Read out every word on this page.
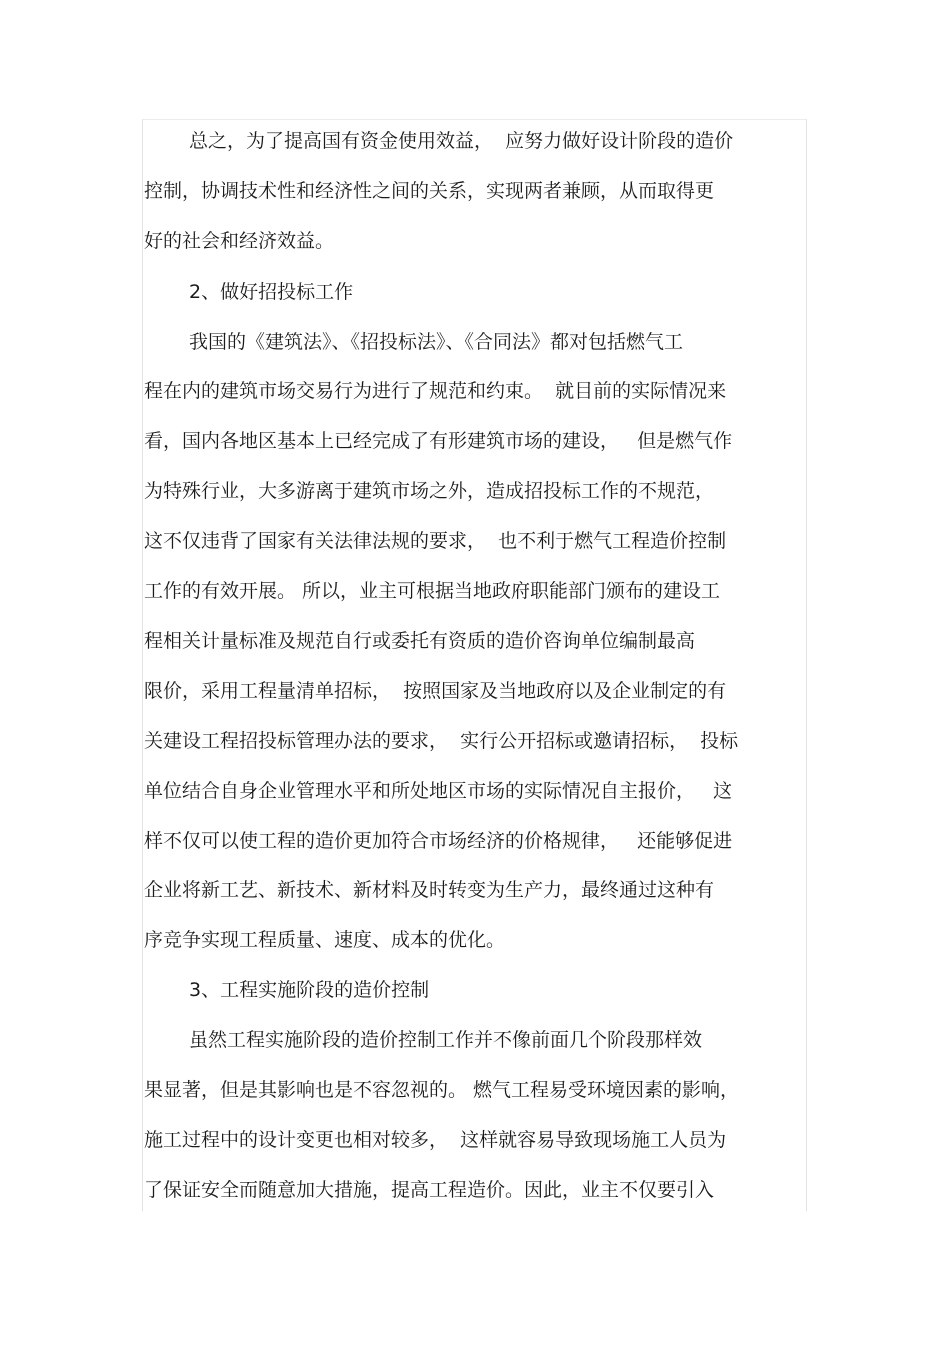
总之，为了提高国有资金使用效益，  应努力做好设计阶段的造价
控制，协调技术性和经济性之间的关系，实现两者兼顾，从而取得更
好的社会和经济效益。
2、做好招投标工作
我国的《建筑法》、《招投标法》、《合同法》都对包括燃气工
程在内的建筑市场交易行为进行了规范和约束。  就目前的实际情况来
看，国内各地区基本上已经完成了有形建筑市场的建设，   但是燃气作
为特殊行业，大多游离于建筑市场之外，造成招投标工作的不规范，
这不仅违背了国家有关法律法规的要求，  也不利于燃气工程造价控制
工作的有效开展。 所以，业主可根据当地政府职能部门颁布的建设工
程相关计量标准及规范自行或委托有资质的造价咨询单位编制最高
限价，采用工程量清单招标，  按照国家及当地政府以及企业制定的有
关建设工程招投标管理办法的要求，  实行公开招标或邀请招标，  投标
单位结合自身企业管理水平和所处地区市场的实际情况自主报价，   这
样不仅可以使工程的造价更加符合市场经济的价格规律，   还能够促进
企业将新工艺、新技术、新材料及时转变为生产力，最终通过这种有
序竞争实现工程质量、速度、成本的优化。
3、工程实施阶段的造价控制
虽然工程实施阶段的造价控制工作并不像前面几个阶段那样效
果显著，但是其影响也是不容忽视的。 燃气工程易受环境因素的影响，
施工过程中的设计变更也相对较多，  这样就容易导致现场施工人员为
了保证安全而随意加大措施，提高工程造价。因此，业主不仅要引入
